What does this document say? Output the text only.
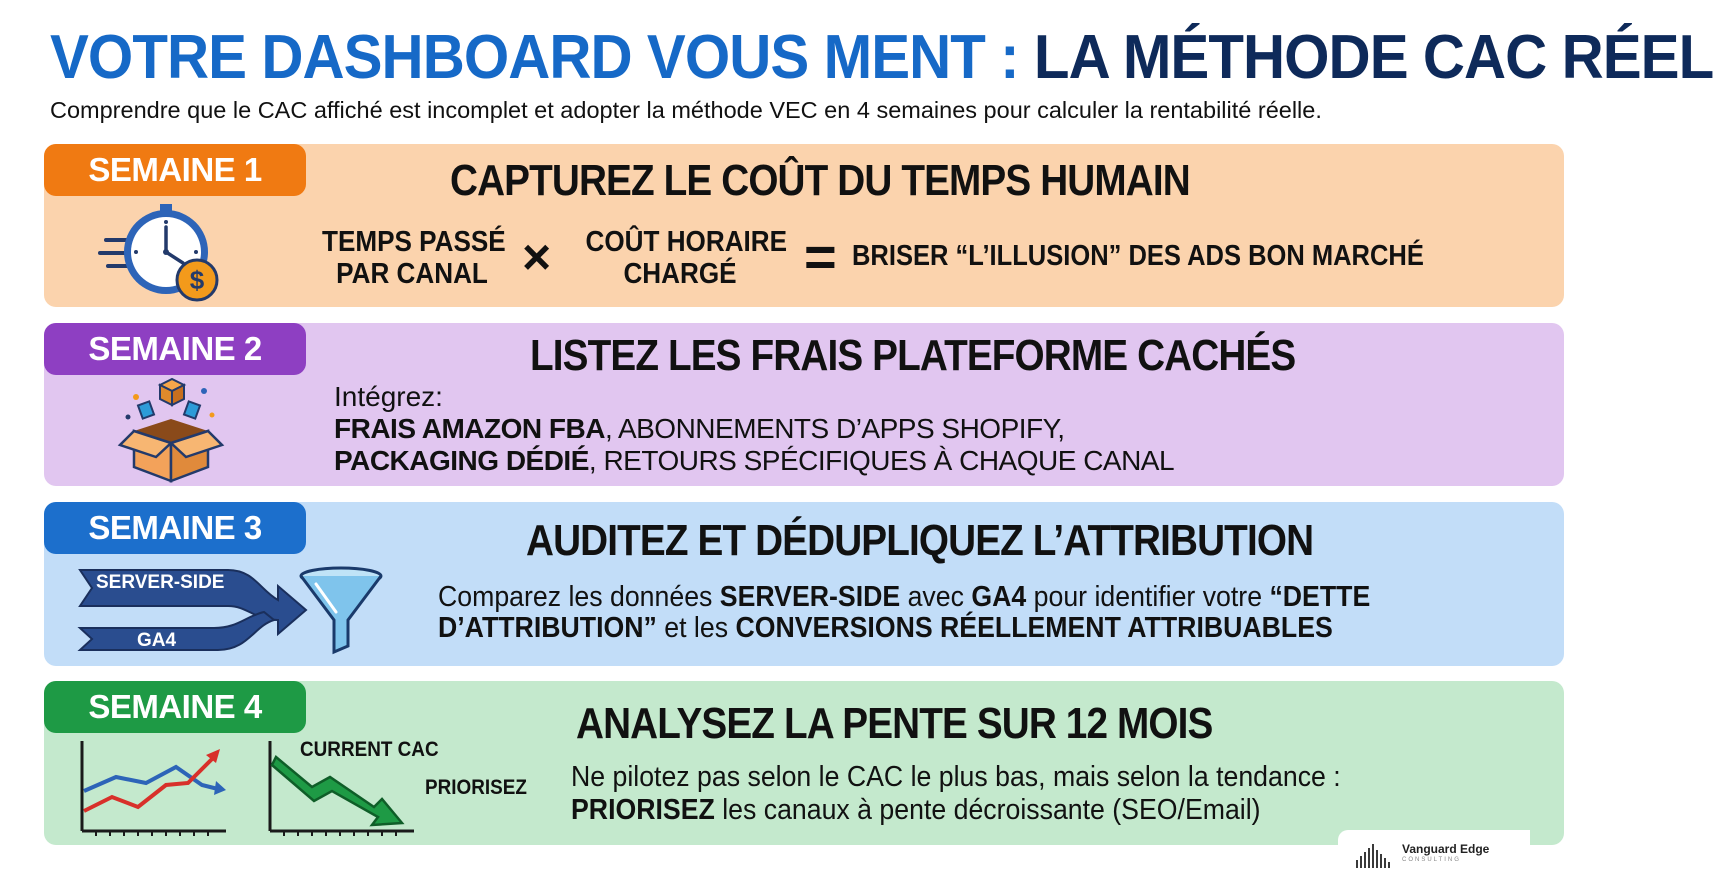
VOTRE DASHBOARD VOUS MENT : LA MÉTHODE CAC RÉEL
Comprendre que le CAC affiché est incomplet et adopter la méthode VEC en 4 semaines pour calculer la rentabilité réelle.
SEMAINE 1	CAPTUREZ LE COÛT DU TEMPS HUMAIN
$
TEMPS PASSÉ
PAR CANAL × COÛT HORAIRE
CHARGÉ	= BRISER “L’ILLUSION” DES ADS BON MARCHÉ
SEMAINE 2	LISTEZ LES FRAIS PLATEFORME CACHÉS
Intégrez:
FRAIS AMAZON FBA, ABONNEMENTS D’APPS SHOPIFY,
PACKAGING DÉDIÉ, RETOURS SPÉCIFIQUES À CHAQUE CANAL
SEMAINE 3	AUDITEZ ET DÉDUPLIQUEZ L’ATTRIBUTION
SERVER-SIDE
GA4
Comparez les données SERVER-SIDE avec GA4 pour identifier votre “DETTE
D’ATTRIBUTION” et les CONVERSIONS RÉELLEMENT ATTRIBUABLES
SEMAINE 4	ANALYSEZ LA PENTE SUR 12 MOIS
CURRENT CAC
PRIORISEZ Ne pilotez pas selon le CAC le plus bas, mais selon la tendance :
PRIORISEZ les canaux à pente décroissante (SEO/Email)
Vanguard Edge
CONSULTING
